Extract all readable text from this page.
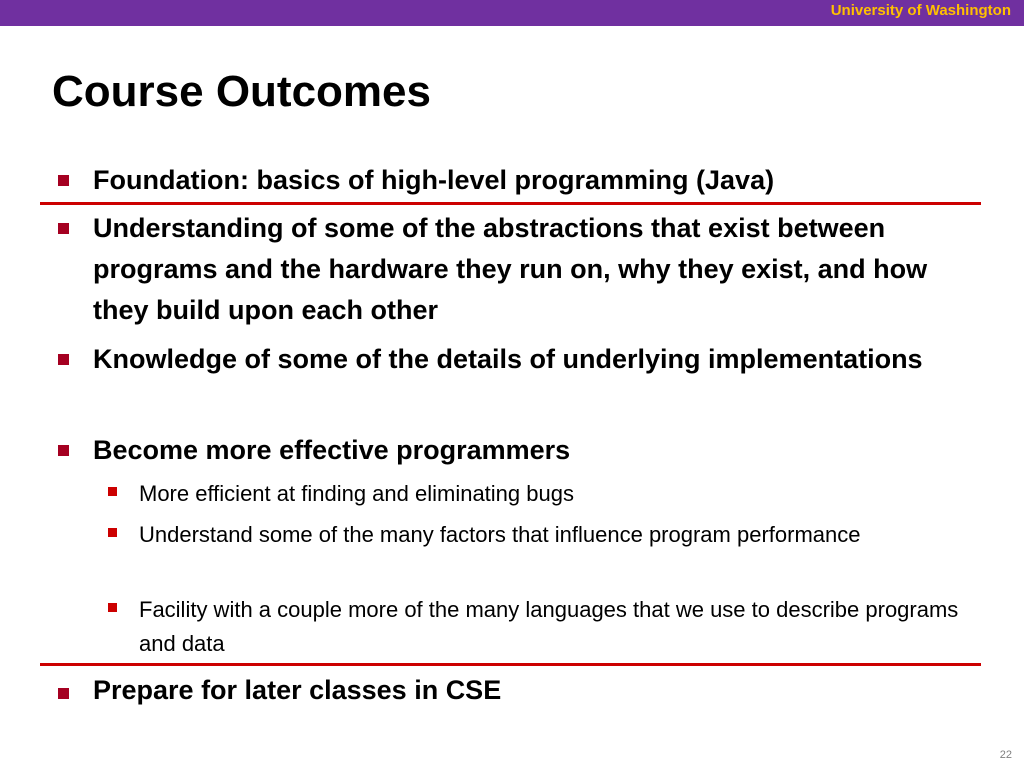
University of Washington
Course Outcomes
Foundation: basics of high-level programming (Java)
Understanding of some of the abstractions that exist between programs and the hardware they run on, why they exist, and how they build upon each other
Knowledge of some of the details of underlying implementations
Become more effective programmers
More efficient at finding and eliminating bugs
Understand some of the many factors that influence program performance
Facility with a couple more of the many languages that we use to describe programs and data
Prepare for later classes in CSE
22
